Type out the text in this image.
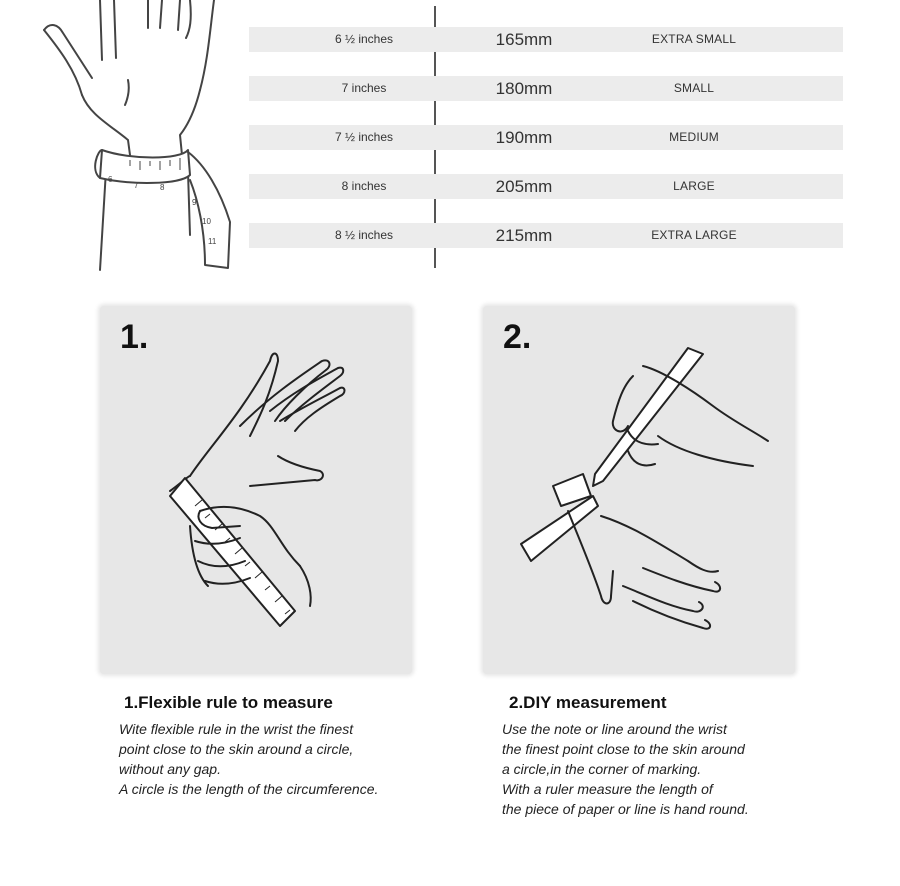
6
7	8
9
10
11
6 ½ inches	165mm	EXTRA SMALL
7 inches	180mm	SMALL
7 ½ inches	190mm	MEDIUM
8 inches	205mm	LARGE
8 ½ inches	215mm	EXTRA LARGE
1.	2.
1.Flexible rule to measure
Wite flexible rule in the wrist the finest
point close to the skin around a circle,
without any gap.
A circle is the length of the circumference.
2.DIY measurement
Use the note or line around the wrist
the finest point close to the skin around
a circle,in the corner of marking.
With a ruler measure the length of
the piece of paper or line is hand round.
